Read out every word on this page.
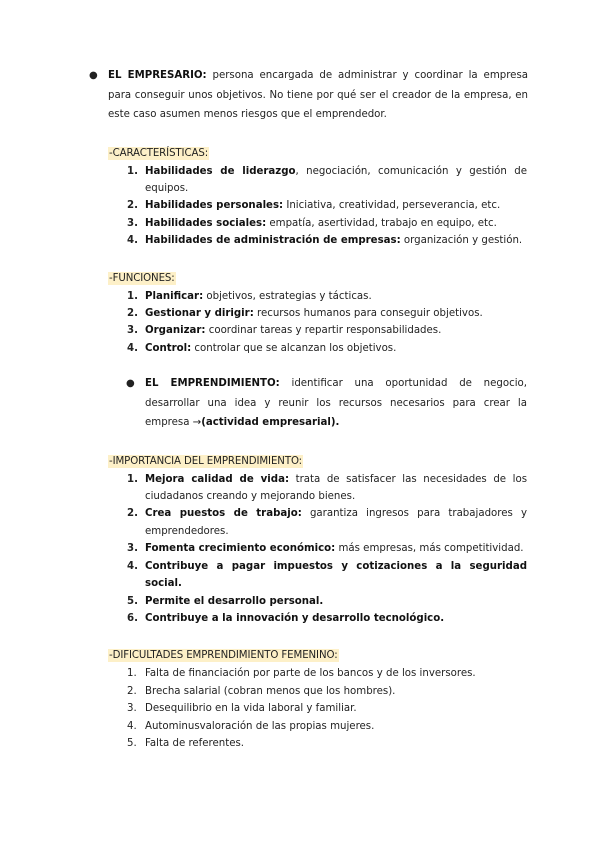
● EL EMPRESARIO: persona encargada de administrar y coordinar la empresa para conseguir unos objetivos. No tiene por qué ser el creador de la empresa, en este caso asumen menos riesgos que el emprendedor.
-CARACTERÍSTICAS:
1. Habilidades de liderazgo, negociación, comunicación y gestión de equipos.
2. Habilidades personales: Iniciativa, creatividad, perseverancia, etc.
3. Habilidades sociales: empatía, asertividad, trabajo en equipo, etc.
4. Habilidades de administración de empresas: organización y gestión.
-FUNCIONES:
1. Planificar: objetivos, estrategias y tácticas.
2. Gestionar y dirigir: recursos humanos para conseguir objetivos.
3. Organizar: coordinar tareas y repartir responsabilidades.
4. Control: controlar que se alcanzan los objetivos.
● EL EMPRENDIMIENTO: identificar una oportunidad de negocio, desarrollar una idea y reunir los recursos necesarios para crear la empresa →(actividad empresarial).
-IMPORTANCIA DEL EMPRENDIMIENTO:
1. Mejora calidad de vida: trata de satisfacer las necesidades de los ciudadanos creando y mejorando bienes.
2. Crea puestos de trabajo: garantiza ingresos para trabajadores y emprendedores.
3. Fomenta crecimiento económico: más empresas, más competitividad.
4. Contribuye a pagar impuestos y cotizaciones a la seguridad social.
5. Permite el desarrollo personal.
6. Contribuye a la innovación y desarrollo tecnológico.
-DIFICULTADES EMPRENDIMIENTO FEMENINO:
1. Falta de financiación por parte de los bancos y de los inversores.
2. Brecha salarial (cobran menos que los hombres).
3. Desequilibrio en la vida laboral y familiar.
4. Autominusvaloración de las propias mujeres.
5. Falta de referentes.
